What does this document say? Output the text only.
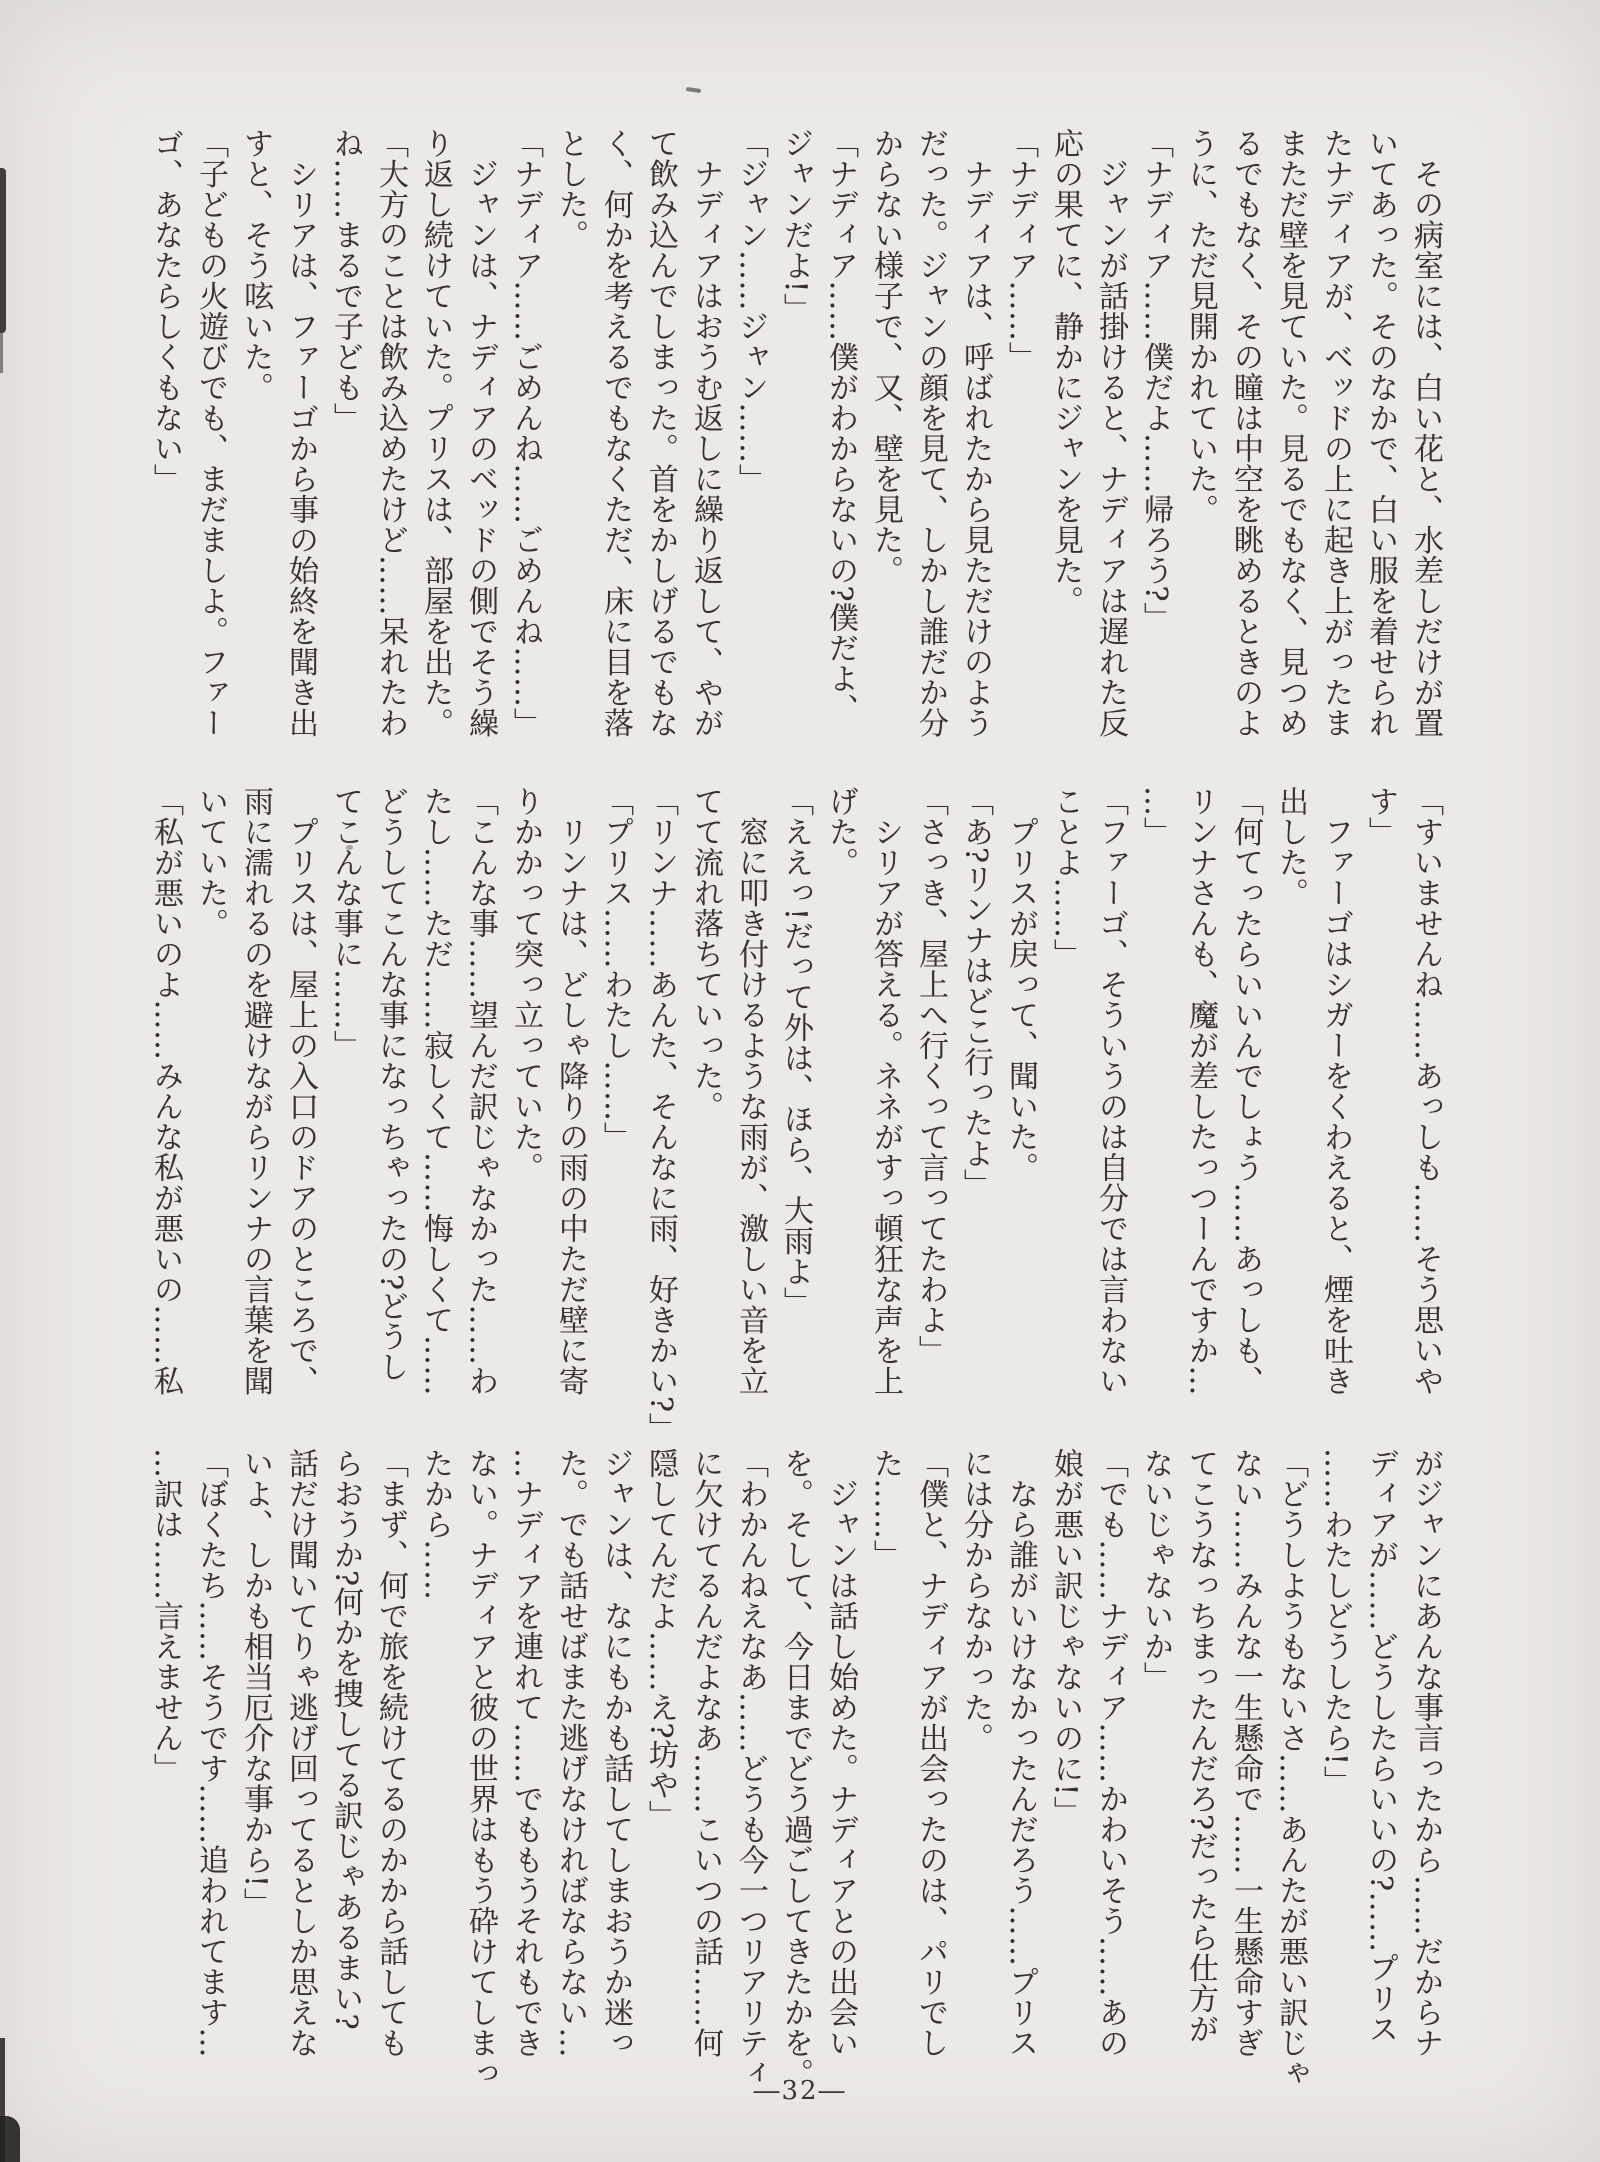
　その病室には、白い花と、水差しだけが置
いてあった。そのなかで、白い服を着せられ
たナディアが、ベッドの上に起き上がったま
まただ壁を見ていた。見るでもなく、見つめ
るでもなく、その瞳は中空を眺めるときのよ
うに、ただ見開かれていた。
「ナディア……僕だよ……帰ろう?」
　ジャンが話掛けると、ナディアは遅れた反
応の果てに、静かにジャンを見た。
「ナディア……」
　ナディアは、呼ばれたから見ただけのよう
だった。ジャンの顔を見て、しかし誰だか分
からない様子で、又、壁を見た。
「ナディア……僕がわからないの?僕だよ、
ジャンだよ!」
「ジャン……ジャン……」
　ナディアはおうむ返しに繰り返して、やが
て飲み込んでしまった。首をかしげるでもな
く、何かを考えるでもなくただ、床に目を落
とした。
「ナディア……ごめんね……ごめんね……」
　ジャンは、ナディアのベッドの側でそう繰
り返し続けていた。プリスは、部屋を出た。
「大方のことは飲み込めたけど……呆れたわ
ね……まるで子ども」
　シリアは、ファーゴから事の始終を聞き出
すと、そう呟いた。
「子どもの火遊びでも、まだましよ。ファー
ゴ、あなたらしくもない」
「すいませんね……あっしも……そう思いや
す」
　ファーゴはシガーをくわえると、煙を吐き
出した。
「何てったらいいんでしょう……あっしも、
リンナさんも、魔が差したっつーんですか…
…」
「ファーゴ、そういうのは自分では言わない
ことよ……」
　プリスが戻って、聞いた。
「あ?リンナはどこ行ったよ」
「さっき、屋上へ行くって言ってたわよ」
　シリアが答える。ネネがすっ頓狂な声を上
げた。
「ええっ!だって外は、ほら、大雨よ」
　窓に叩き付けるような雨が、激しい音を立
てて流れ落ちていった。
「リンナ……あんた、そんなに雨、好きかい?」
「プリス……わたし……」
　リンナは、どしゃ降りの雨の中ただ壁に寄
りかかって突っ立っていた。
「こんな事……望んだ訳じゃなかった……わ
たし……ただ……寂しくて……悔しくて……
どうしてこんな事になっちゃったの?どうし
てこんな事に……」
　プリスは、屋上の入口のドアのところで、
雨に濡れるのを避けながらリンナの言葉を聞
いていた。
「私が悪いのよ……みんな私が悪いの……私
がジャンにあんな事言ったから……だからナ
ディアが……どうしたらいいの?……プリス
……わたしどうしたら!」
「どうしようもないさ……あんたが悪い訳じゃ
ない……みんな一生懸命で……一生懸命すぎ
てこうなっちまったんだろ?だったら仕方が
ないじゃないか」
「でも……ナディア……かわいそう……あの
娘が悪い訳じゃないのに!」
　なら誰がいけなかったんだろう……プリス
には分からなかった。
「僕と、ナディアが出会ったのは、パリでし
た……」
　ジャンは話し始めた。ナディアとの出会い
を。そして、今日までどう過ごしてきたかを。
「わかんねえなあ……どうも今一つリアリティ
に欠けてるんだよなあ……こいつの話……何
隠してんだよ……え?坊や」
ジャンは、なにもかも話してしまおうか迷っ
た。でも話せばまた逃げなければならない…
…ナディアを連れて……でももうそれもでき
ない。ナディアと彼の世界はもう砕けてしまっ
たから……
「まず、何で旅を続けてるのかから話しても
らおうか?何かを捜してる訳じゃあるまい?
話だけ聞いてりゃ逃げ回ってるとしか思えな
いよ、しかも相当厄介な事から!」
「ぼくたち……そうです……追われてます…
…訳は……言えません」
―32―
